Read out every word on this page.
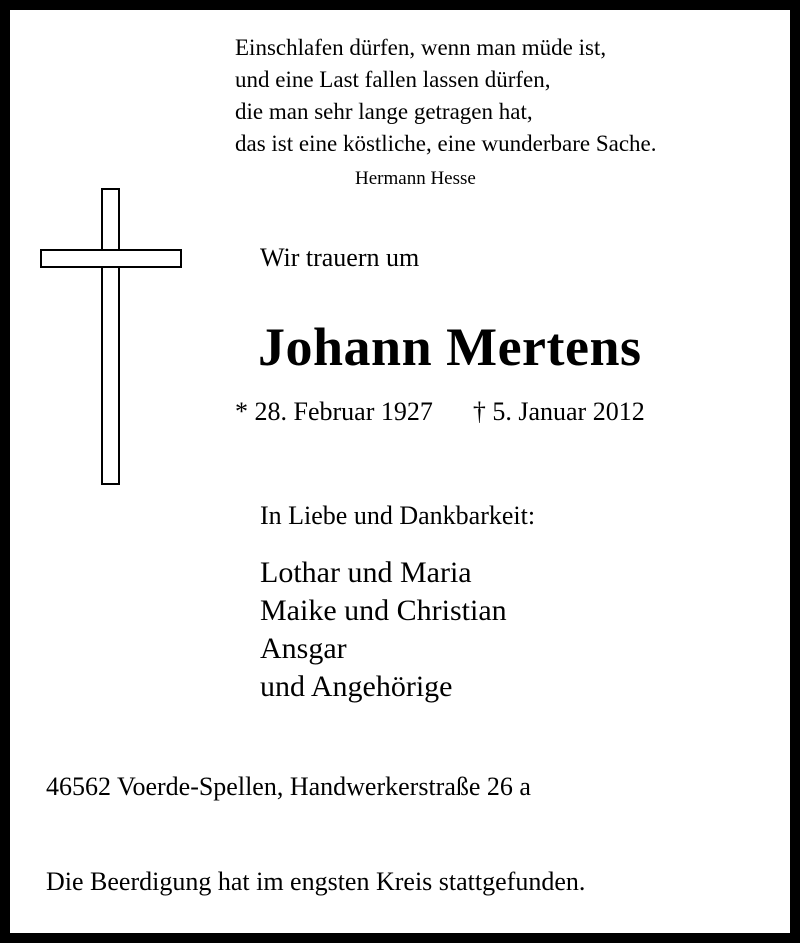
Einschlafen dürfen, wenn man müde ist,
und eine Last fallen lassen dürfen,
die man sehr lange getragen hat,
das ist eine köstliche, eine wunderbare Sache.
Hermann Hesse
Wir trauern um
Johann Mertens
* 28. Februar 1927 † 5. Januar 2012
In Liebe und Dankbarkeit:
Lothar und Maria
Maike und Christian
Ansgar
und Angehörige
46562 Voerde-Spellen, Handwerkerstraße 26 a
Die Beerdigung hat im engsten Kreis stattgefunden.
